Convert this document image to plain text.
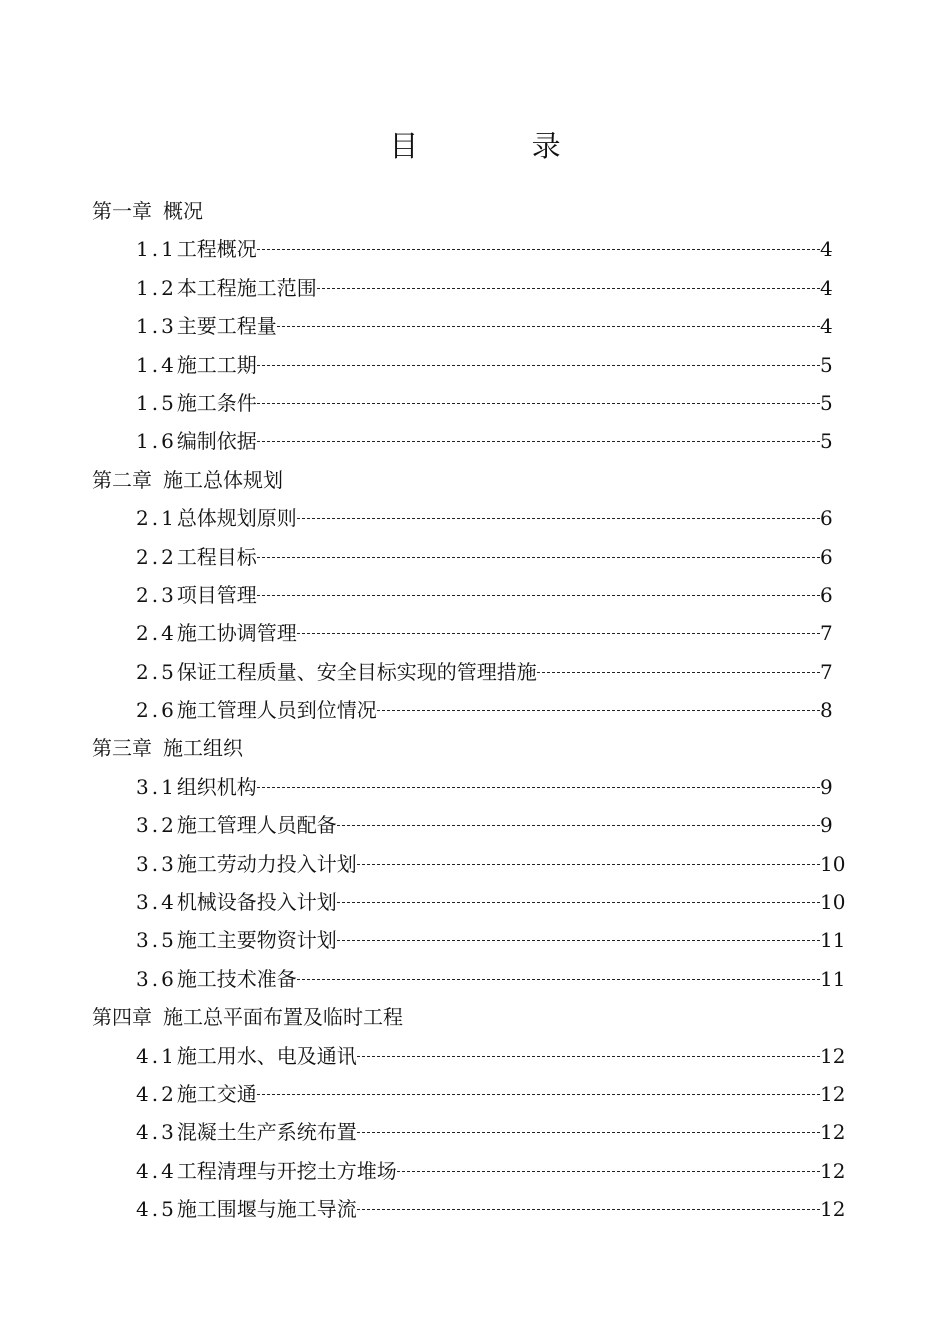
目 录
第一章 概况
1.1工程概况	4
1.2本工程施工范围	4
1.3主要工程量	4
1.4施工工期	5
1.5施工条件	5
1.6编制依据	5
第二章 施工总体规划
2.1总体规划原则	6
2.2工程目标	6
2.3项目管理	6
2.4施工协调管理	7
2.5保证工程质量、安全目标实现的管理措施	7
2.6施工管理人员到位情况	8
第三章 施工组织
3.1组织机构	9
3.2施工管理人员配备	9
3.3施工劳动力投入计划	10
3.4机械设备投入计划	10
3.5施工主要物资计划	11
3.6施工技术准备	11
第四章 施工总平面布置及临时工程
4.1施工用水、电及通讯	12
4.2施工交通	12
4.3混凝土生产系统布置	12
4.4工程清理与开挖土方堆场	12
4.5施工围堰与施工导流	12
